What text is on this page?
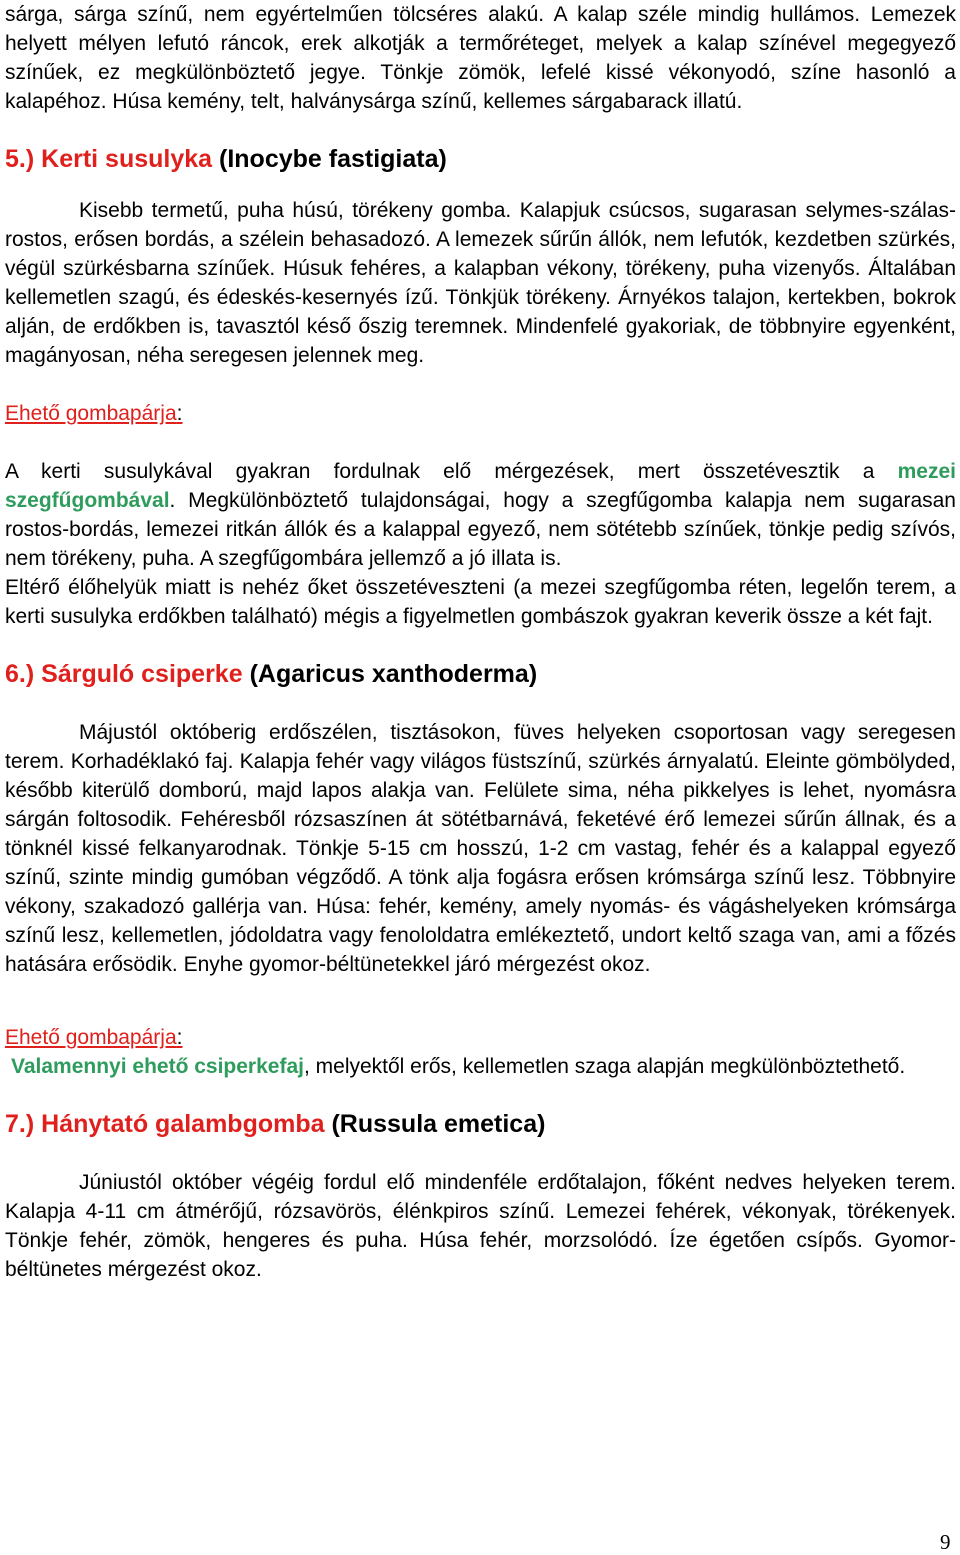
sárga, sárga színű, nem egyértelműen tölcséres alakú. A kalap széle mindig hullámos. Lemezek helyett mélyen lefutó ráncok, erek alkotják a termőréteget, melyek a kalap színével megegyező színűek, ez megkülönböztető jegye. Tönkje zömök, lefelé kissé vékonyodó, színe hasonló a kalapéhoz. Húsa kemény, telt, halványsárga színű, kellemes sárgabarack illatú.

5.) Kerti susulyka (Inocybe fastigiata)

Kisebb termetű, puha húsú, törékeny gomba. Kalapjuk csúcsos, sugarasan selymes-szálas-rostos, erősen bordás, a szélein behasadozó. A lemezek sűrűn állók, nem lefutók, kezdetben szürkés, végül szürkésbarna színűek. Húsuk fehéres, a kalapban vékony, törékeny, puha vizenyős. Általában kellemetlen szagú, és édeskés-kesernyés ízű. Tönkjük törékeny. Árnyékos talajon, kertekben, bokrok alján, de erdőkben is, tavasztól késő őszig teremnek. Mindenfelé gyakoriak, de többnyire egyenként, magányosan, néha seregesen jelennek meg.

Ehető gombapárja:

A kerti susulykával gyakran fordulnak elő mérgezések, mert összetévesztik a mezei szegfűgombával. Megkülönböztető tulajdonságai, hogy a szegfűgomba kalapja nem sugarasan rostos-bordás, lemezei ritkán állók és a kalappal egyező, nem sötétebb színűek, tönkje pedig szívós, nem törékeny, puha. A szegfűgombára jellemző a jó illata is.

Eltérő élőhelyük miatt is nehéz őket összetéveszteni (a mezei szegfűgomba réten, legelőn terem, a kerti susulyka erdőkben található) mégis a figyelmetlen gombászok gyakran keverik össze a két fajt.

6.) Sárguló csiperke (Agaricus xanthoderma)

Májustól októberig erdőszélen, tisztásokon, füves helyeken csoportosan vagy seregesen terem. Korhadéklakó faj. Kalapja fehér vagy világos füstszínű, szürkés árnyalatú. Eleinte gömbölyded, később kiterülő domború, majd lapos alakja van. Felülete sima, néha pikkelyes is lehet, nyomásra sárgán foltosodik. Fehéresből rózsaszínen át sötétbarnává, feketévé érő lemezei sűrűn állnak, és a tönknél kissé felkanyarodnak. Tönkje 5-15 cm hosszú, 1-2 cm vastag, fehér és a kalappal egyező színű, szinte mindig gumóban végződő. A tönk alja fogásra erősen krómsárga színű lesz. Többnyire vékony, szakadozó gallérja van. Húsa: fehér, kemény, amely nyomás- és vágáshelyeken krómsárga színű lesz, kellemetlen, jódoldatra vagy fenololdatra emlékeztető, undort keltő szaga van, ami a főzés hatására erősödik. Enyhe gyomor-béltünetekkel járó mérgezést okoz.

Ehető gombapárja:

Valamennyi ehető csiperkefaj, melyektől erős, kellemetlen szaga alapján megkülönböztethető.

7.) Hánytató galambgomba (Russula emetica)

Júniustól október végéig fordul elő mindenféle erdőtalajon, főként nedves helyeken terem. Kalapja 4-11 cm átmérőjű, rózsavörös, élénkpiros színű. Lemezei fehérek, vékonyak, törékenyek. Tönkje fehér, zömök, hengeres és puha. Húsa fehér, morzsolódó. Íze égetően csípős. Gyomor-béltünetes mérgezést okoz.

9
